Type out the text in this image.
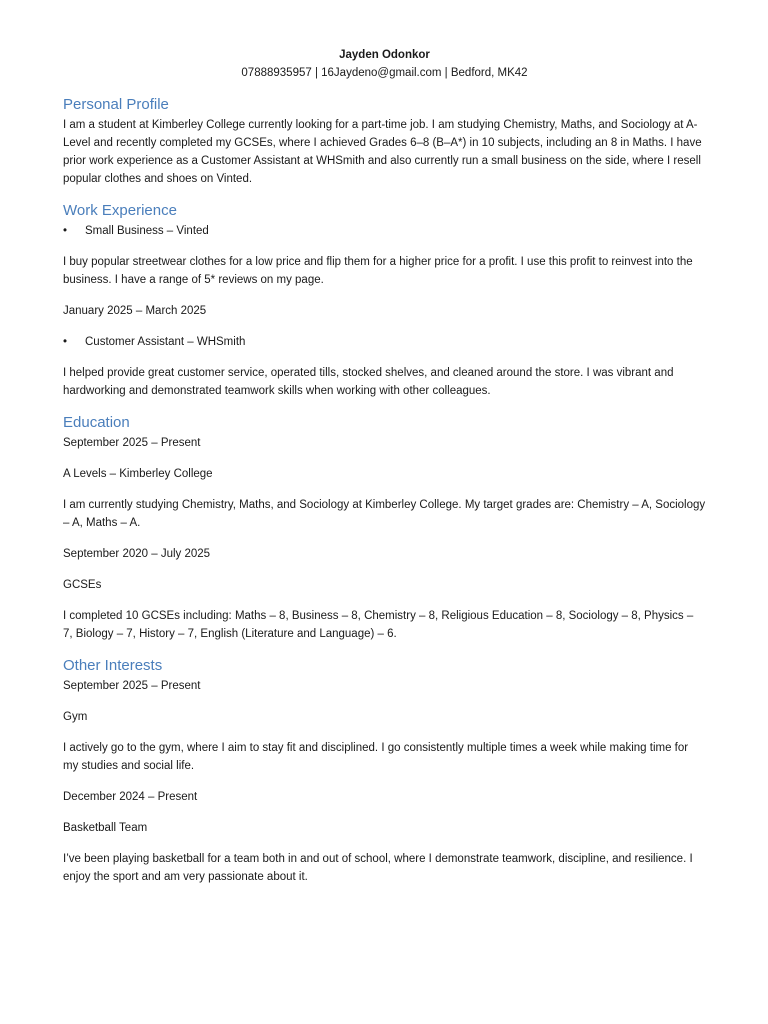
Jayden Odonkor
07888935957 | 16Jaydeno@gmail.com | Bedford, MK42
Personal Profile

I am a student at Kimberley College currently looking for a part-time job. I am studying Chemistry, Maths, and Sociology at A-Level and recently completed my GCSEs, where I achieved Grades 6–8 (B–A*) in 10 subjects, including an 8 in Maths. I have prior work experience as a Customer Assistant at WHSmith and also currently run a small business on the side, where I resell popular clothes and shoes on Vinted.

Work Experience
•	Small Business – Vinted

I buy popular streetwear clothes for a low price and flip them for a higher price for a profit. I use this profit to reinvest into the business. I have a range of 5* reviews on my page.

January 2025 – March 2025

•	Customer Assistant – WHSmith

I helped provide great customer service, operated tills, stocked shelves, and cleaned around the store. I was vibrant and hardworking and demonstrated teamwork skills when working with other colleagues.

Education

September 2025 – Present

A Levels – Kimberley College

I am currently studying Chemistry, Maths, and Sociology at Kimberley College. My target grades are: Chemistry – A, Sociology – A, Maths – A.

September 2020 – July 2025

GCSEs

I completed 10 GCSEs including: Maths – 8, Business – 8, Chemistry – 8, Religious Education – 8, Sociology – 8, Physics – 7, Biology – 7, History – 7, English (Literature and Language) – 6.

Other Interests

September 2025 – Present

Gym

I actively go to the gym, where I aim to stay fit and disciplined. I go consistently multiple times a week while making time for my studies and social life.

December 2024 – Present

Basketball Team

I’ve been playing basketball for a team both in and out of school, where I demonstrate teamwork, discipline, and resilience. I enjoy the sport and am very passionate about it.
